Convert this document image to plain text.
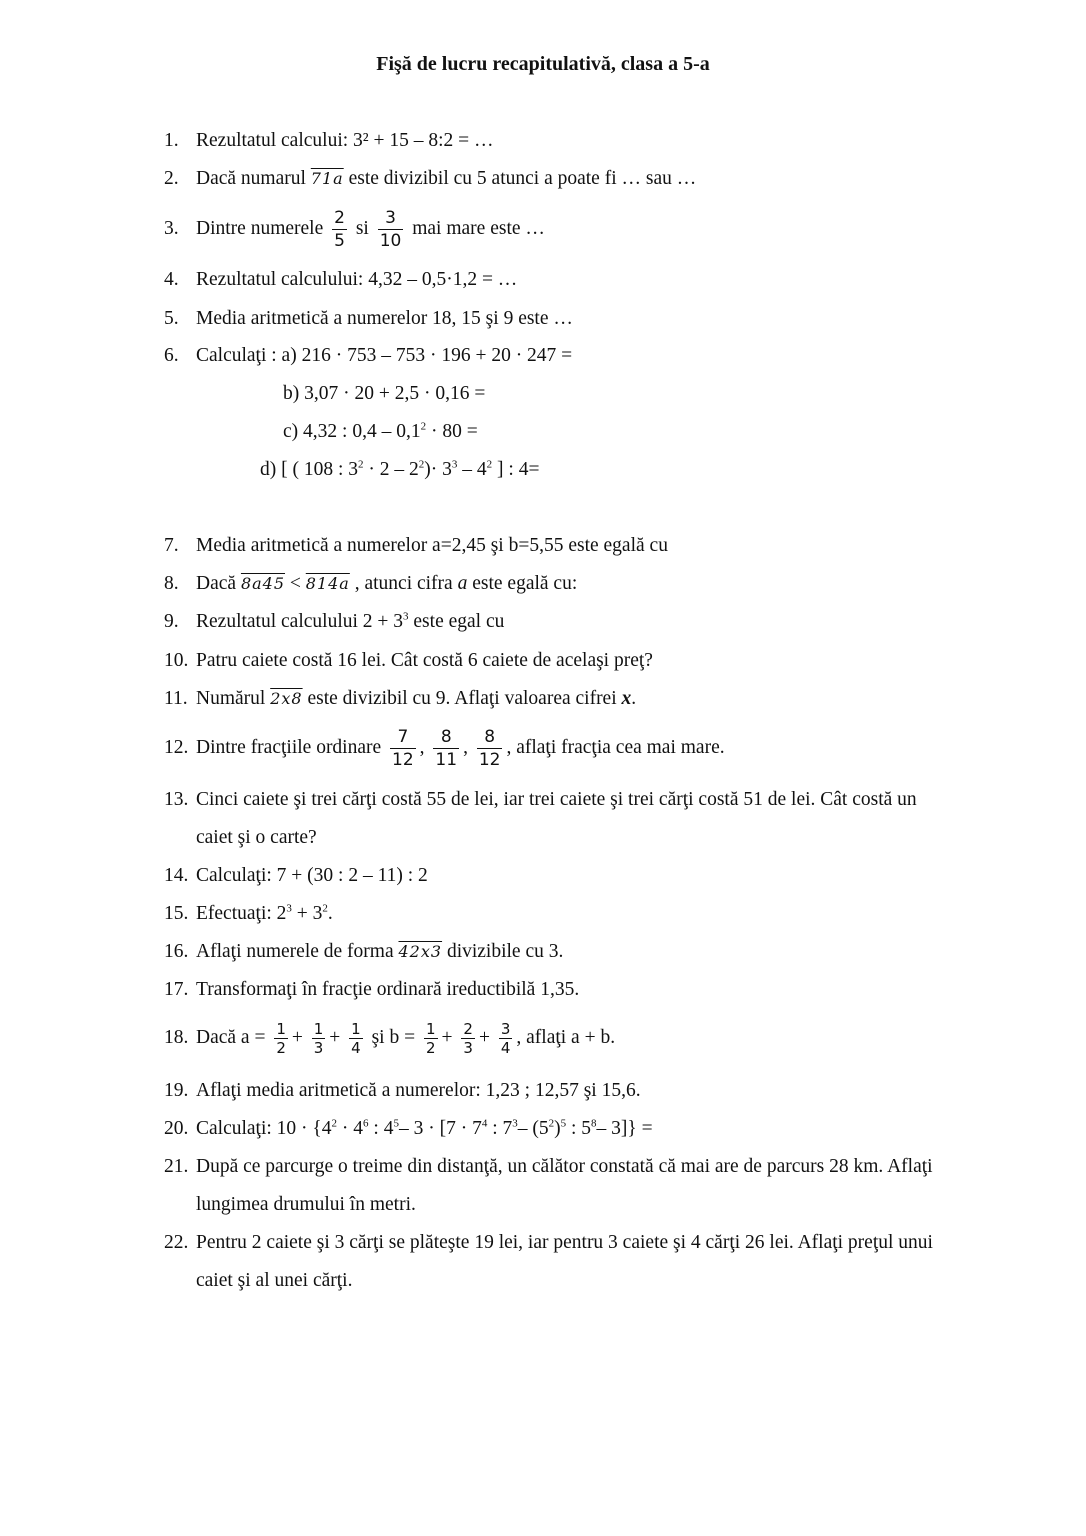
Fişă de lucru recapitulativă, clasa a 5-a
1. Rezultatul calcului: 3² + 15 – 8:2 = …
2. Dacă numarul 71a este divizibil cu 5 atunci a poate fi … sau …
3. Dintre numerele $\frac{2}{5}$ si $\frac{3}{10}$ mai mare este …
4. Rezultatul calculului: 4,32 – 0,5·1,2 = …
5. Media aritmetică a numerelor 18, 15 şi 9 este …
6. Calculaţi : a) 216 · 753 – 753 · 196 + 20 · 247 =
b) 3,07 · 20 + 2,5 · 0,16 =
c) 4,32 : $0,4 - 0,1^2 \cdot 80$ =
d) [ ( 108 : $3^2 \cdot 2 - 2^2)\cdot 3^3 - 4^2$ ] : 4=
7. Media aritmetică a numerelor a=2,45 şi b=5,55 este egală cu
8. Dacă 8a45 < 814a , atunci cifra a este egală cu:
9. Rezultatul calculului $2 + 3^3$ este egal cu
10. Patru caiete costă 16 lei. Cât costă 6 caiete de acelaşi preţ?
11. Numărul 2x8 este divizibil cu 9. Aflaţi valoarea cifrei x.
12. Dintre fracţiile ordinare $\frac{7}{12}$ , $\frac{8}{11}$ , $\frac{8}{12}$ , aflaţi fracţia cea mai mare.
13. Cinci caiete şi trei cărţi costă 55 de lei, iar trei caiete şi trei cărţi costă 51 de lei. Cât costă un
caiet şi o carte?
14. Calculaţi: 7 + (30 : 2 – 11) : 2
15. Efectuaţi: $2^3 + 3^2$.
16. Aflaţi numerele de forma 42x3 divizibile cu 3.
17. Transformaţi în fracţie ordinară ireductibilă 1,35.
18. Dacă $a = \frac{1}{2} + \frac{1}{3} + \frac{1}{4}$ şi $b = \frac{1}{2} + \frac{2}{3} + \frac{3}{4}$ , aflaţi a + b.
19. Aflaţi media aritmetică a numerelor: 1,23 ; 12,57 şi 15,6.
20. Calculaţi: $10 \cdot \{4^2 \cdot 4^6$ : $4^5-$ $3 \cdot [7 \cdot 7^4$ : $7^3-$ $(5^2)^5$ : $5^8-$ 3]} =
21. După ce parcurge o treime din distanţă, un călător constată că mai are de parcurs 28 km. Aflaţi
lungimea drumului în metri.
22. Pentru 2 caiete şi 3 cărţi se plăteşte 19 lei, iar pentru 3 caiete şi 4 cărţi 26 lei. Aflaţi preţul unui
caiet şi al unei cărţi.
